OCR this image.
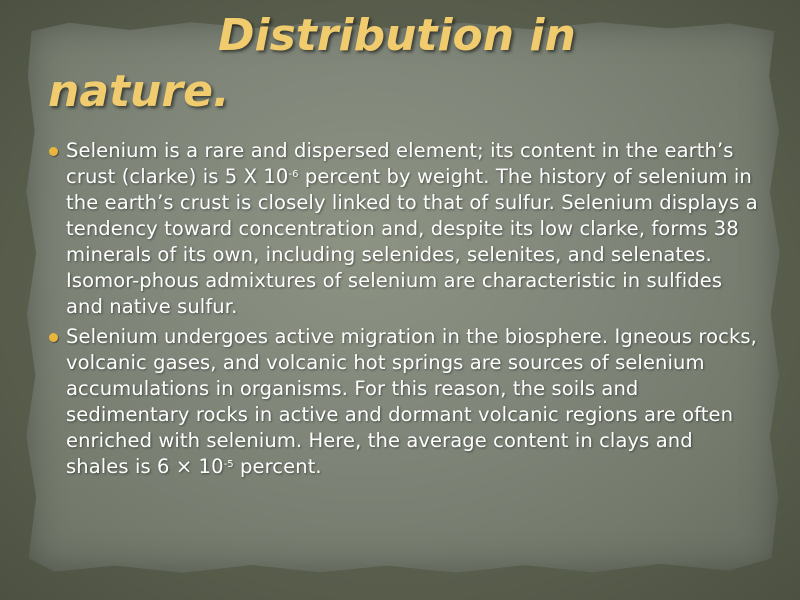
Distribution in nature.
Selenium is a rare and dispersed element; its content in the earth’s crust (clarke) is 5 X $10^{-6}$ percent by weight. The history of selenium in the earth’s crust is closely linked to that of sulfur. Selenium displays a tendency toward concentration and, despite its low clarke, forms 38 minerals of its own, including selenides, selenites, and selenates. Isomor-phous admixtures of selenium are characteristic in sulfides and native sulfur.
Selenium undergoes active migration in the biosphere. Igneous rocks, volcanic gases, and volcanic hot springs are sources of selenium accumulations in organisms. For this reason, the soils and sedimentary rocks in active and dormant volcanic regions are often enriched with selenium. Here, the average content in clays and shales is $6 \times 10^{-5}$ percent.
